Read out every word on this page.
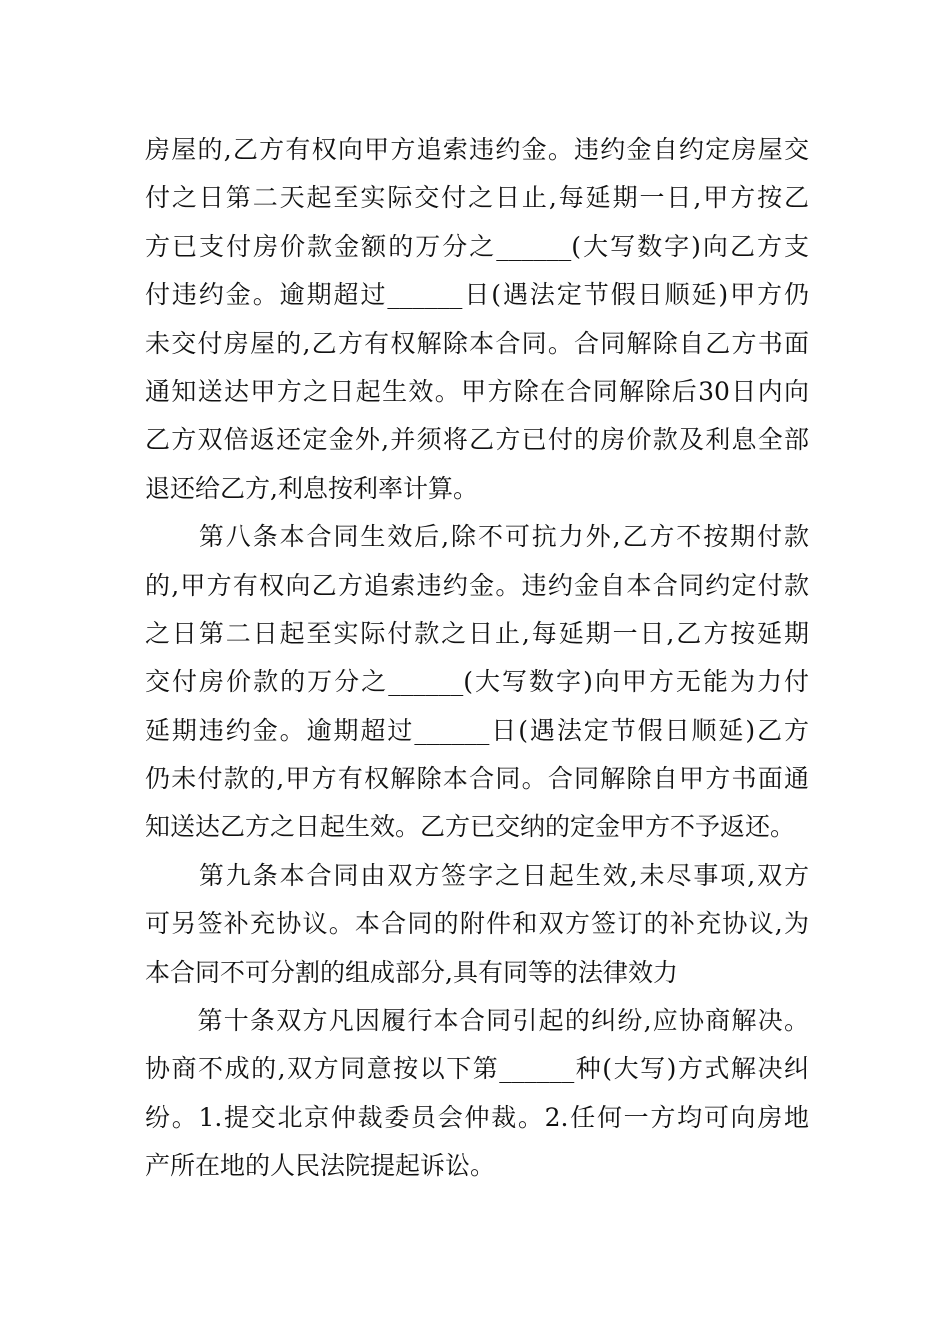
房屋的,乙方有权向甲方追索违约金。违约金自约定房屋交
付之日第二天起至实际交付之日止,每延期一日,甲方按乙
方已支付房价款金额的万分之______(大写数字)向乙方支
付违约金。逾期超过______日(遇法定节假日顺延)甲方仍
未交付房屋的,乙方有权解除本合同。合同解除自乙方书面
通知送达甲方之日起生效。甲方除在合同解除后30日内向
乙方双倍返还定金外,并须将乙方已付的房价款及利息全部
退还给乙方,利息按利率计算。
　　第八条本合同生效后,除不可抗力外,乙方不按期付款
的,甲方有权向乙方追索违约金。违约金自本合同约定付款
之日第二日起至实际付款之日止,每延期一日,乙方按延期
交付房价款的万分之______(大写数字)向甲方无能为力付
延期违约金。逾期超过______日(遇法定节假日顺延)乙方
仍未付款的,甲方有权解除本合同。合同解除自甲方书面通
知送达乙方之日起生效。乙方已交纳的定金甲方不予返还。
　　第九条本合同由双方签字之日起生效,未尽事项,双方
可另签补充协议。本合同的附件和双方签订的补充协议,为
本合同不可分割的组成部分,具有同等的法律效力
　　第十条双方凡因履行本合同引起的纠纷,应协商解决。
协商不成的,双方同意按以下第______种(大写)方式解决纠
纷。1.提交北京仲裁委员会仲裁。2.任何一方均可向房地
产所在地的人民法院提起诉讼。
